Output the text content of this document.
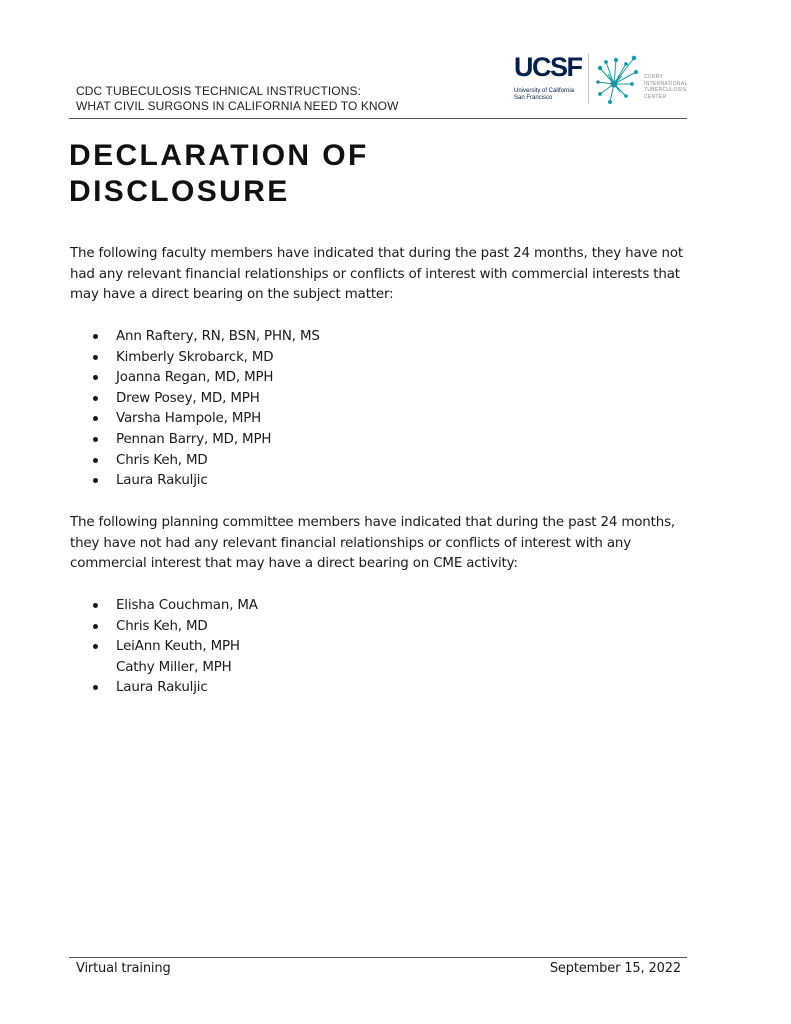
CDC TUBECULOSIS TECHNICAL INSTRUCTIONS:
WHAT CIVIL SURGONS IN CALIFORNIA NEED TO KNOW
UCSF
University of California
San Francisco
CURRY
INTERNATIONAL
TUBERCULOSIS
CENTER
DECLARATION OF
DISCLOSURE

The following faculty members have indicated that during the past 24 months, they have not had any relevant financial relationships or conflicts of interest with commercial interests that may have a direct bearing on the subject matter:

Ann Raftery, RN, BSN, PHN, MS
Kimberly Skrobarck, MD
Joanna Regan, MD, MPH
Drew Posey, MD, MPH
Varsha Hampole, MPH
Pennan Barry, MD, MPH
Chris Keh, MD
Laura Rakuljic

The following planning committee members have indicated that during the past 24 months, they have not had any relevant financial relationships or conflicts of interest with any commercial interest that may have a direct bearing on CME activity:

Elisha Couchman, MA
Chris Keh, MD
LeiAnn Keuth, MPH
Cathy Miller, MPH
Laura Rakuljic
Virtual training	September 15, 2022
